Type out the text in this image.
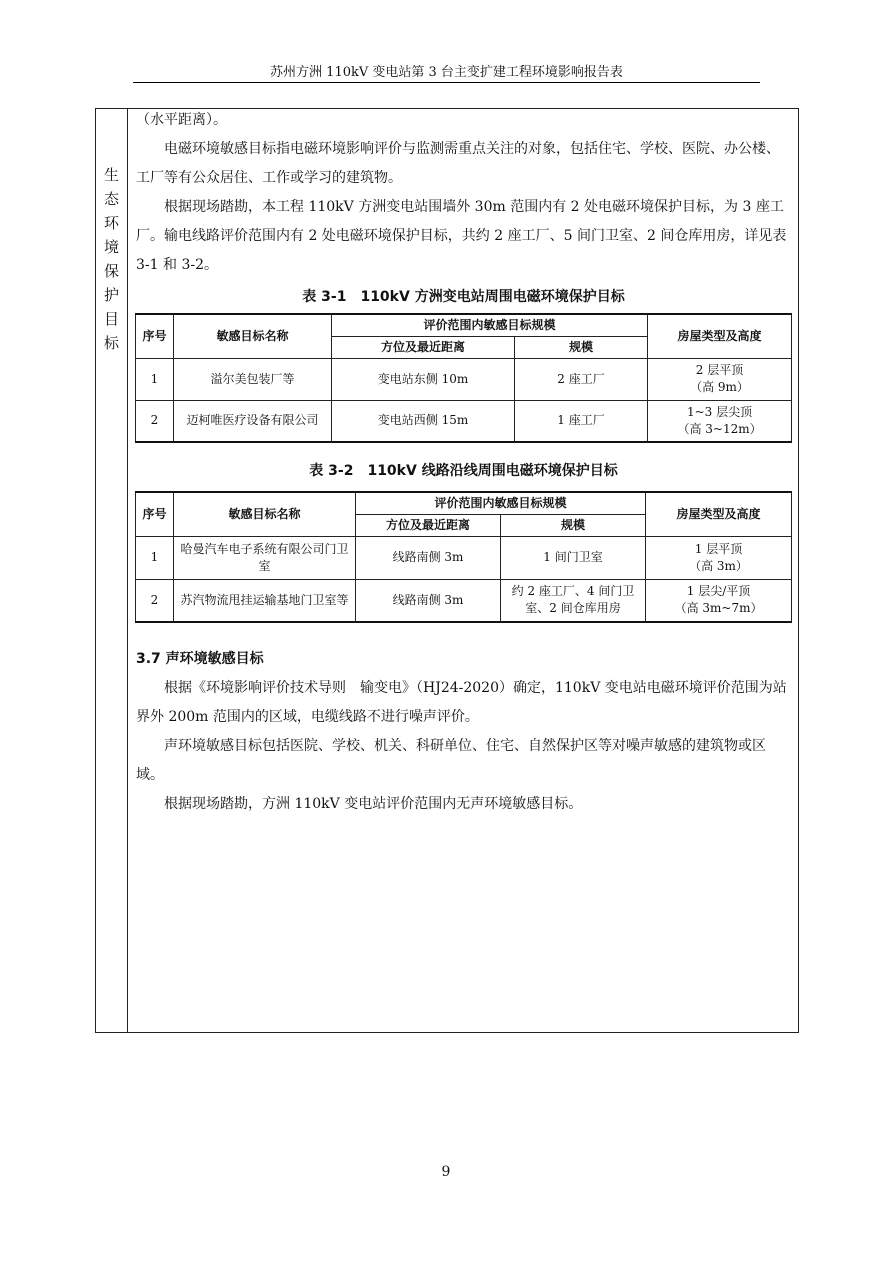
苏州方洲 110kV 变电站第 3 台主变扩建工程环境影响报告表
生
态
环
境
保
护
目
标

（水平距离）。

电磁环境敏感目标指电磁环境影响评价与监测需重点关注的对象，包括住宅、学校、医院、办公楼、工厂等有公众居住、工作或学习的建筑物。

根据现场踏勘，本工程 110kV 方洲变电站围墙外 30m 范围内有 2 处电磁环境保护目标，为 3 座工厂。输电线路评价范围内有 2 处电磁环境保护目标，共约 2 座工厂、5 间门卫室、2 间仓库用房，详见表 3-1 和 3-2。

表 3-1　110kV 方洲变电站周围电磁环境保护目标
序号	敏感目标名称	评价范围内敏感目标规模		房屋类型及高度
		方位及最近距离	规模	
1	溢尔美包装厂等	变电站东侧 10m	2 座工厂	2 层平顶
（高 9m）

2	迈柯唯医疗设备有限公司	变电站西侧 15m	1 座工厂	1~3 层尖顶
（高 3~12m）
表 3-2　110kV 线路沿线周围电磁环境保护目标
序号	敏感目标名称	评价范围内敏感目标规模		房屋类型及高度
		方位及最近距离	规模	
1	哈曼汽车电子系统有限公司门卫室	线路南侧 3m	1 间门卫室	1 层平顶
（高 3m）

2	苏汽物流甩挂运输基地门卫室等	线路南侧 3m	约 2 座工厂、4 间门卫室、2 间仓库用房	1 层尖/平顶
（高 3m~7m）
3.7 声环境敏感目标

根据《环境影响评价技术导则　输变电》（HJ24-2020）确定，110kV 变电站电磁环境评价范围为站界外 200m 范围内的区域，电缆线路不进行噪声评价。

声环境敏感目标包括医院、学校、机关、科研单位、住宅、自然保护区等对噪声敏感的建筑物或区域。

根据现场踏勘，方洲 110kV 变电站评价范围内无声环境敏感目标。

9
